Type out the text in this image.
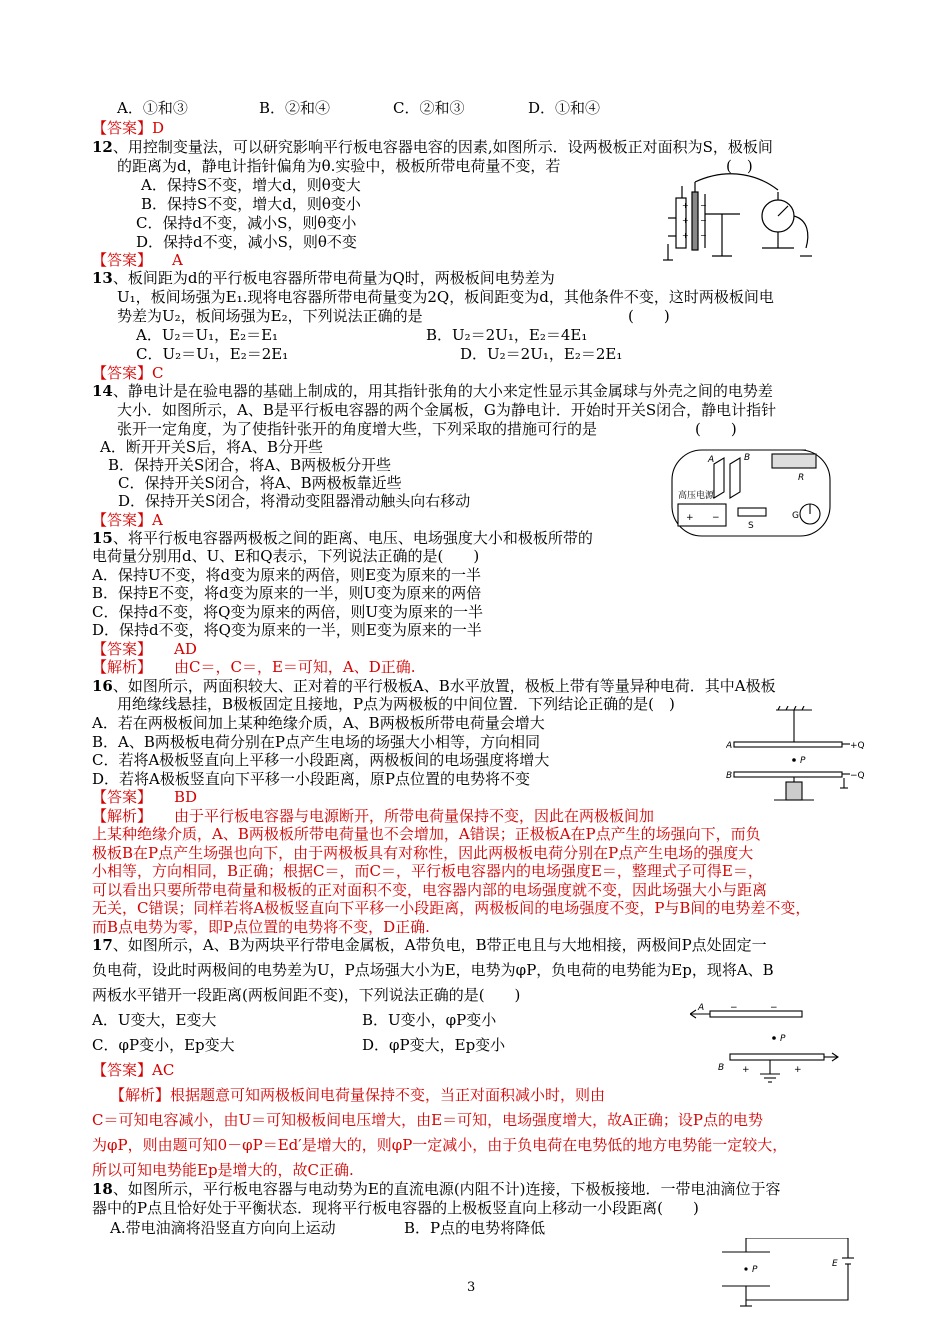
A．①和③	B．②和④	C．②和③	D．①和④
【答案】D
12、用控制变量法，可以研究影响平行板电容器电容的因素,如图所示．设两极板正对面积为S，极板间
的距离为d，静电计指针偏角为θ.实验中，极板所带电荷量不变，若	(　)
A．保持S不变，增大d，则θ变大
B．保持S不变，增大d，则θ变小
C．保持d不变，减小S，则θ变小
D．保持d不变，减小S，则θ不变
【答案】 A
+
+
+
−
−
−
13、板间距为d的平行板电容器所带电荷量为Q时，两极板间电势差为
U₁，板间场强为E₁.现将电容器所带电荷量变为2Q，板间距变为d，其他条件不变，这时两极板间电
势差为U₂，板间场强为E₂，下列说法正确的是	(　　)
A．U₂＝U₁，E₂＝E₁	B．U₂＝2U₁，E₂＝4E₁
C．U₂＝U₁，E₂＝2E₁	D．U₂＝2U₁，E₂＝2E₁
【答案】C
14、静电计是在验电器的基础上制成的，用其指针张角的大小来定性显示其金属球与外壳之间的电势差
大小．如图所示，A、B是平行板电容器的两个金属板，G为静电计．开始时开关S闭合，静电计指针
张开一定角度，为了使指针张开的角度增大些，下列采取的措施可行的是	(　　)
A．断开开关S后，将A、B分开些
B．保持开关S闭合，将A、B两极板分开些
C．保持开关S闭合，将A、B两极板靠近些
D．保持开关S闭合，将滑动变阻器滑动触头向右移动
【答案】A
A	B
高压电源
R
S
G
+ −
15、将平行板电容器两极板之间的距离、电压、电场强度大小和极板所带的
电荷量分别用d、U、E和Q表示，下列说法正确的是(　　)
A．保持U不变，将d变为原来的两倍，则E变为原来的一半
B．保持E不变，将d变为原来的一半，则U变为原来的两倍
C．保持d不变，将Q变为原来的两倍，则U变为原来的一半
D．保持d不变，将Q变为原来的一半，则E变为原来的一半
【答案】 AD
【解析】 由C＝，C＝，E＝可知，A、D正确.
16、如图所示，两面积较大、正对着的平行极板A、B水平放置，极板上带有等量异种电荷．其中A极板
用绝缘线悬挂，B极板固定且接地，P点为两极板的中间位置．下列结论正确的是(　)
A．若在两极板间加上某种绝缘介质，A、B两极板所带电荷量会增大
B．A、B两极板电荷分别在P点产生电场的场强大小相等，方向相同
C．若将A极板竖直向上平移一小段距离，两极板间的电场强度将增大
D．若将A极板竖直向下平移一小段距离，原P点位置的电势将不变
【答案】 BD
【解析】 由于平行板电容器与电源断开，所带电荷量保持不变，因此在两极板间加
上某种绝缘介质，A、B两极板所带电荷量也不会增加，A错误；正极板A在P点产生的场强向下，而负
极板B在P点产生场强也向下，由于两极板具有对称性，因此两极板电荷分别在P点产生电场的强度大
小相等，方向相同，B正确；根据C＝，而C＝，平行板电容器内的电场强度E＝，整理式子可得E＝，
可以看出只要所带电荷量和极板的正对面积不变，电容器内部的电场强度就不变，因此场强大小与距离
无关，C错误；同样若将A极板竖直向下平移一小段距离，两极板间的电场强度不变，P与B间的电势差不变，
而B点电势为零，即P点位置的电势将不变，D正确.
A
B
+Q
−Q
P
17、如图所示，A、B为两块平行带电金属板，A带负电，B带正电且与大地相接，两极间P点处固定一
负电荷，设此时两极间的电势差为U，P点场强大小为E，电势为φP，负电荷的电势能为Ep，现将A、B
两板水平错开一段距离(两板间距不变)，下列说法正确的是(　　)
A．U变大，E变大	B．U变小，φP变小
C．φP变小，Ep变大	D．φP变大，Ep变小
【答案】AC
【解析】根据题意可知两极板间电荷量保持不变，当正对面积减小时，则由
C＝可知电容减小，由U＝可知极板间电压增大，由E＝可知，电场强度增大，故A正确；设P点的电势
为φP，则由题可知0－φP＝Ed′是增大的，则φP一定减小，由于负电荷在电势低的地方电势能一定较大，
所以可知电势能Ep是增大的，故C正确.
A
B
P
−	−
+	+
18、如图所示，平行板电容器与电动势为E的直流电源(内阻不计)连接，下极板接地．一带电油滴位于容
器中的P点且恰好处于平衡状态．现将平行板电容器的上极板竖直向上移动一小段距离(　　)
A.带电油滴将沿竖直方向向上运动	B．P点的电势将降低
P
E
3
